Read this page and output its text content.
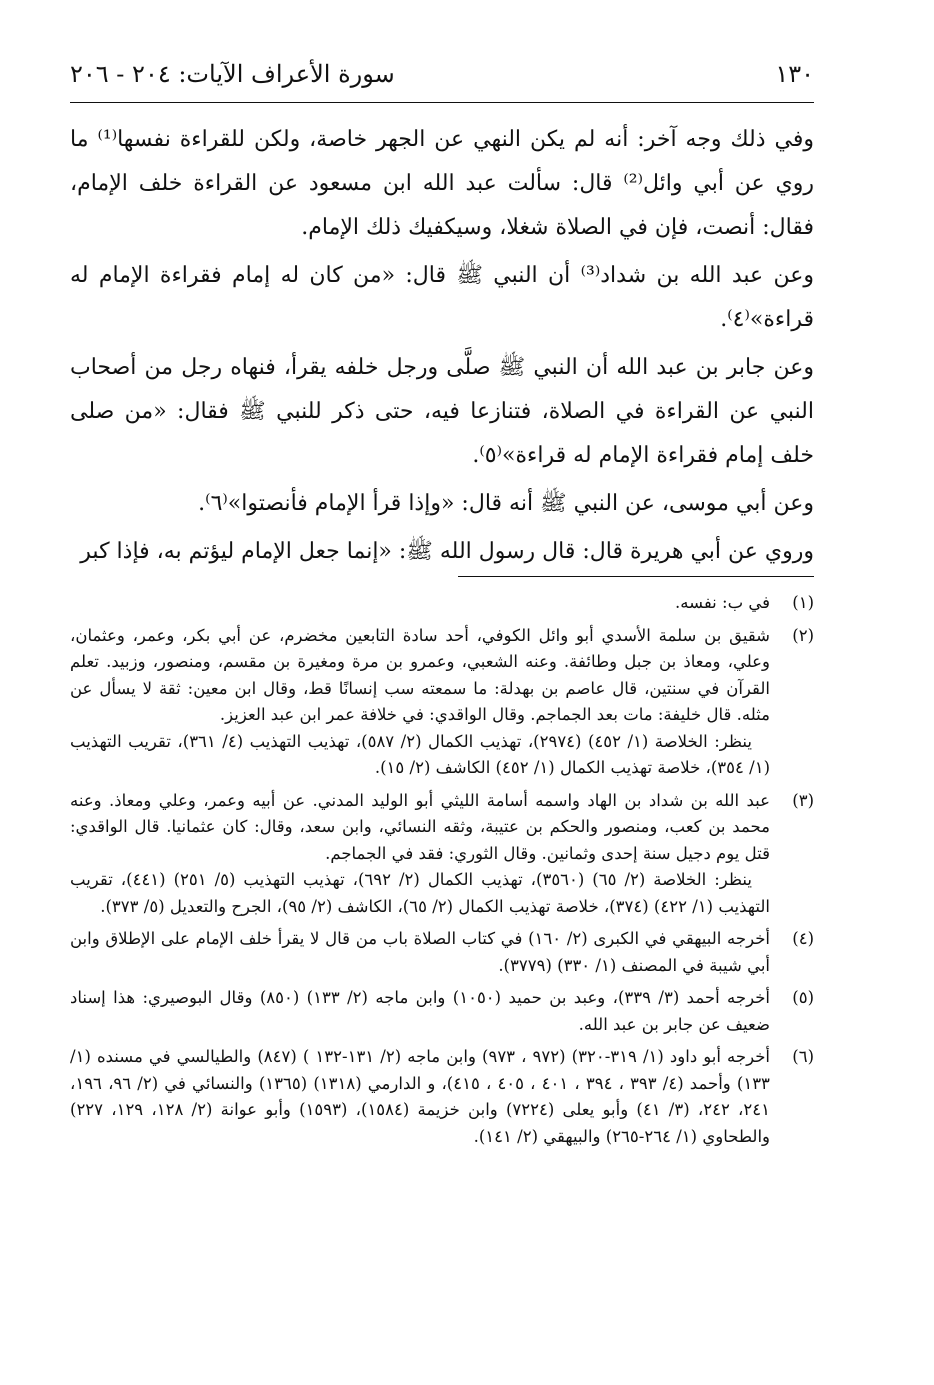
١٣٠
سورة الأعراف الآيات: ٢٠٤ - ٢٠٦

وفي ذلك وجه آخر: أنه لم يكن النهي عن الجهر خاصة، ولكن للقراءة نفسها⁽¹⁾ ما روي عن أبي وائل⁽²⁾ قال: سألت عبد الله ابن مسعود عن القراءة خلف الإمام، فقال: أنصت، فإن في الصلاة شغلا، وسيكفيك ذلك الإمام.

وعن عبد الله بن شداد⁽³⁾ أن النبي ﷺ قال: «من كان له إمام فقراءة الإمام له قراءة»⁽٤⁾.

وعن جابر بن عبد الله أن النبي ﷺ صلَّى ورجل خلفه يقرأ، فنهاه رجل من أصحاب النبي عن القراءة في الصلاة، فتنازعا فيه، حتى ذكر للنبي ﷺ فقال: «من صلى خلف إمام فقراءة الإمام له قراءة»⁽٥⁾.

وعن أبي موسى، عن النبي ﷺ أنه قال: «وإذا قرأ الإمام فأنصتوا»⁽٦⁾.

وروي عن أبي هريرة قال: قال رسول الله ﷺ: «إنما جعل الإمام ليؤتم به، فإذا كبر

(١)

في ب: نفسه.

(٢)

شقيق بن سلمة الأسدي أبو وائل الكوفي، أحد سادة التابعين مخضرم، عن أبي بكر، وعمر، وعثمان، وعلي، ومعاذ بن جبل وطائفة. وعنه الشعبي، وعمرو بن مرة ومغيرة بن مقسم، ومنصور، وزبيد. تعلم القرآن في سنتين، قال عاصم بن بهدلة: ما سمعته سب إنسانًا قط، وقال ابن معين: ثقة لا يسأل عن مثله. قال خليفة: مات بعد الجماجم. وقال الواقدي: في خلافة عمر ابن عبد العزيز.

ينظر: الخلاصة (١/ ٤٥٢) (٢٩٧٤)، تهذيب الكمال (٢/ ٥٨٧)، تهذيب التهذيب (٤/ ٣٦١)، تقريب التهذيب (١/ ٣٥٤)، خلاصة تهذيب الكمال (١/ ٤٥٢) الكاشف (٢/ ١٥).

(٣)

عبد الله بن شداد بن الهاد واسمه أسامة الليثي أبو الوليد المدني. عن أبيه وعمر، وعلي ومعاذ. وعنه محمد بن كعب، ومنصور والحكم بن عتيبة، وثقه النسائي، وابن سعد، وقال: كان عثمانيا. قال الواقدي: قتل يوم دجيل سنة إحدى وثمانين. وقال الثوري: فقد في الجماجم.

ينظر: الخلاصة (٢/ ٦٥) (٣٥٦٠)، تهذيب الكمال (٢/ ٦٩٢)، تهذيب التهذيب (٥/ ٢٥١) (٤٤١)، تقريب التهذيب (١/ ٤٢٢) (٣٧٤)، خلاصة تهذيب الكمال (٢/ ٦٥)، الكاشف (٢/ ٩٥)، الجرح والتعديل (٥/ ٣٧٣).

(٤)

أخرجه البيهقي في الكبرى (٢/ ١٦٠) في كتاب الصلاة باب من قال لا يقرأ خلف الإمام على الإطلاق وابن أبي شيبة في المصنف (١/ ٣٣٠) (٣٧٧٩).

(٥)

أخرجه أحمد (٣/ ٣٣٩)، وعبد بن حميد (١٠٥٠) وابن ماجه (٢/ ١٣٣) (٨٥٠) وقال البوصيري: هذا إسناد ضعيف عن جابر بن عبد الله.

(٦)

أخرجه أبو داود (١/ ٣١٩-٣٢٠) (٩٧٢ ، ٩٧٣) وابن ماجه (٢/ ١٣١-١٣٢ ) (٨٤٧) والطيالسي في مسنده (١/ ١٣٣) وأحمد (٤/ ٣٩٣ ، ٣٩٤ ، ٤٠١ ، ٤٠٥ ، ٤١٥)، و الدارمي (١٣١٨) (١٣٦٥) والنسائي في (٢/ ٩٦، ١٩٦، ٢٤١، ٢٤٢، (٣/ ٤١) وأبو يعلى (٧٢٢٤) وابن خزيمة (١٥٨٤)، (١٥٩٣) وأبو عوانة (٢/ ١٢٨، ١٢٩، ٢٢٧) والطحاوي (١/ ٢٦٤-٢٦٥) والبيهقي (٢/ ١٤١).
